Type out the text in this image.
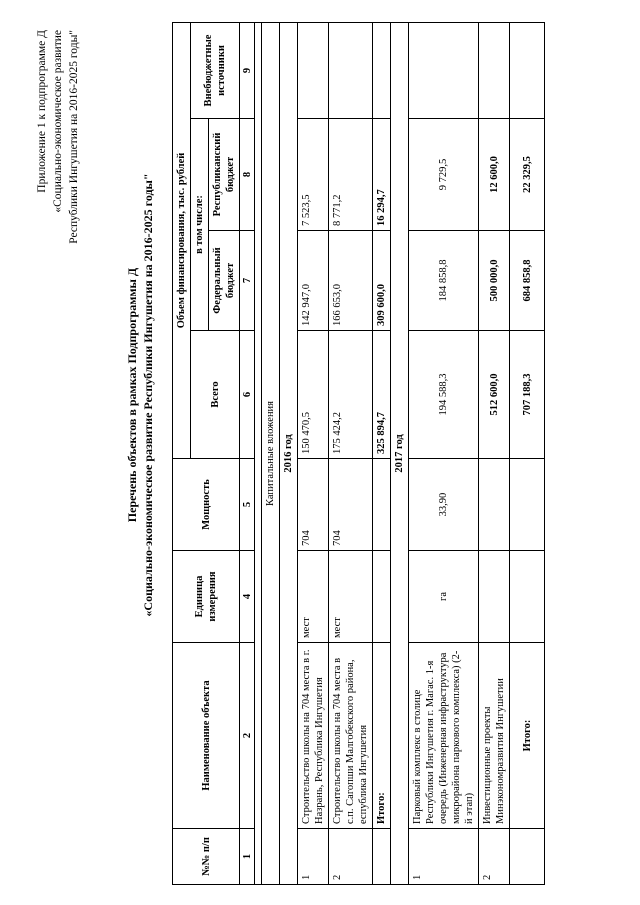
Приложение 1 к подпрограмме Д «Социально-экономическое развитие Республики Ингушетия на 2016-2025 годы"
Перечень объектов в рамках Подпрограммы Д «Социально-экономическое развитие Республики Ингушетия на 2016-2025 годы"
№№ п/п	Наименование объекта	Единица измерения	Мощность	Объем финансирования, тыс. рублей			
				Всего	в том числе:		Внебюджетные источники
					Федеральный бюджет	Республиканский бюджет	
1	2	4	5	6	7	8	9

Капитальные вложения							
2016 год							
1	Строительство школы на 704 места в г. Назрань, Республика Ингушетия	мест	704	150 470,5	142 947,0	7 523,5	
2	Строительство школы на 704 места в с.п. Сагопши Малгобекского района, еспублика Ингушетия	мест	704	175 424,2	166 653,0	8 771,2	
	Итого:			325 894,7	309 600,0	16 294,7	
2017 год							
1	Парковый комплекс в столице Республики Ингушетия г. Магас. 1-я очередь (Инженерная инфраструктура микрорайона паркового комплекса) (2-й этап)	га	33,90	194 588,3	184 858,8	9 729,5	
2	Инвестиционные проекты Минэкономразвития Ингушетии			512 600,0	500 000,0	12 600,0	
	Итого:			707 188,3	684 858,8	22 329,5	
